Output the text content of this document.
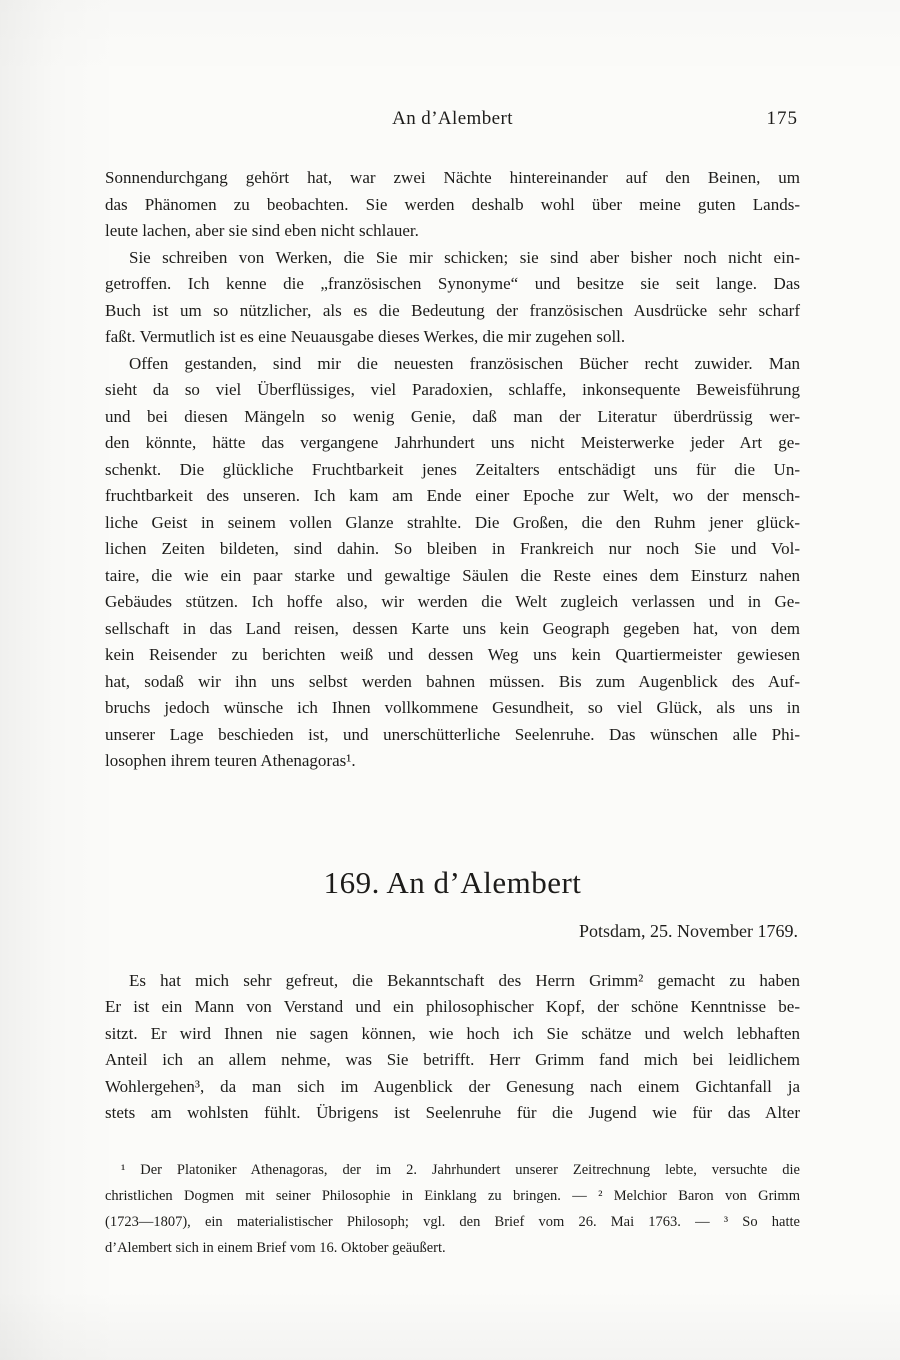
An d’Alembert	175
Sonnendurchgang gehört hat, war zwei Nächte hintereinander auf den Beinen, um
das Phänomen zu beobachten. Sie werden deshalb wohl über meine guten Lands-
leute lachen, aber sie sind eben nicht schlauer.
Sie schreiben von Werken, die Sie mir schicken; sie sind aber bisher noch nicht ein-
getroffen. Ich kenne die „französischen Synonyme“ und besitze sie seit lange. Das
Buch ist um so nützlicher, als es die Bedeutung der französischen Ausdrücke sehr scharf
faßt. Vermutlich ist es eine Neuausgabe dieses Werkes, die mir zugehen soll.
Offen gestanden, sind mir die neuesten französischen Bücher recht zuwider. Man
sieht da so viel Überflüssiges, viel Paradoxien, schlaffe, inkonsequente Beweisführung
und bei diesen Mängeln so wenig Genie, daß man der Literatur überdrüssig wer-
den könnte, hätte das vergangene Jahrhundert uns nicht Meisterwerke jeder Art ge-
schenkt. Die glückliche Fruchtbarkeit jenes Zeitalters entschädigt uns für die Un-
fruchtbarkeit des unseren. Ich kam am Ende einer Epoche zur Welt, wo der mensch-
liche Geist in seinem vollen Glanze strahlte. Die Großen, die den Ruhm jener glück-
lichen Zeiten bildeten, sind dahin. So bleiben in Frankreich nur noch Sie und Vol-
taire, die wie ein paar starke und gewaltige Säulen die Reste eines dem Einsturz nahen
Gebäudes stützen. Ich hoffe also, wir werden die Welt zugleich verlassen und in Ge-
sellschaft in das Land reisen, dessen Karte uns kein Geograph gegeben hat, von dem
kein Reisender zu berichten weiß und dessen Weg uns kein Quartiermeister gewiesen
hat, sodaß wir ihn uns selbst werden bahnen müssen. Bis zum Augenblick des Auf-
bruchs jedoch wünsche ich Ihnen vollkommene Gesundheit, so viel Glück, als uns in
unserer Lage beschieden ist, und unerschütterliche Seelenruhe. Das wünschen alle Phi-
losophen ihrem teuren Athenagoras¹.
169. An d’Alembert
Potsdam, 25. November 1769.
Es hat mich sehr gefreut, die Bekanntschaft des Herrn Grimm² gemacht zu haben
Er ist ein Mann von Verstand und ein philosophischer Kopf, der schöne Kenntnisse be-
sitzt. Er wird Ihnen nie sagen können, wie hoch ich Sie schätze und welch lebhaften
Anteil ich an allem nehme, was Sie betrifft. Herr Grimm fand mich bei leidlichem
Wohlergehen³, da man sich im Augenblick der Genesung nach einem Gichtanfall ja
stets am wohlsten fühlt. Übrigens ist Seelenruhe für die Jugend wie für das Alter
¹ Der Platoniker Athenagoras, der im 2. Jahrhundert unserer Zeitrechnung lebte, versuchte die
christlichen Dogmen mit seiner Philosophie in Einklang zu bringen. — ² Melchior Baron von Grimm
(1723—1807), ein materialistischer Philosoph; vgl. den Brief vom 26. Mai 1763. — ³ So hatte
d’Alembert sich in einem Brief vom 16. Oktober geäußert.
